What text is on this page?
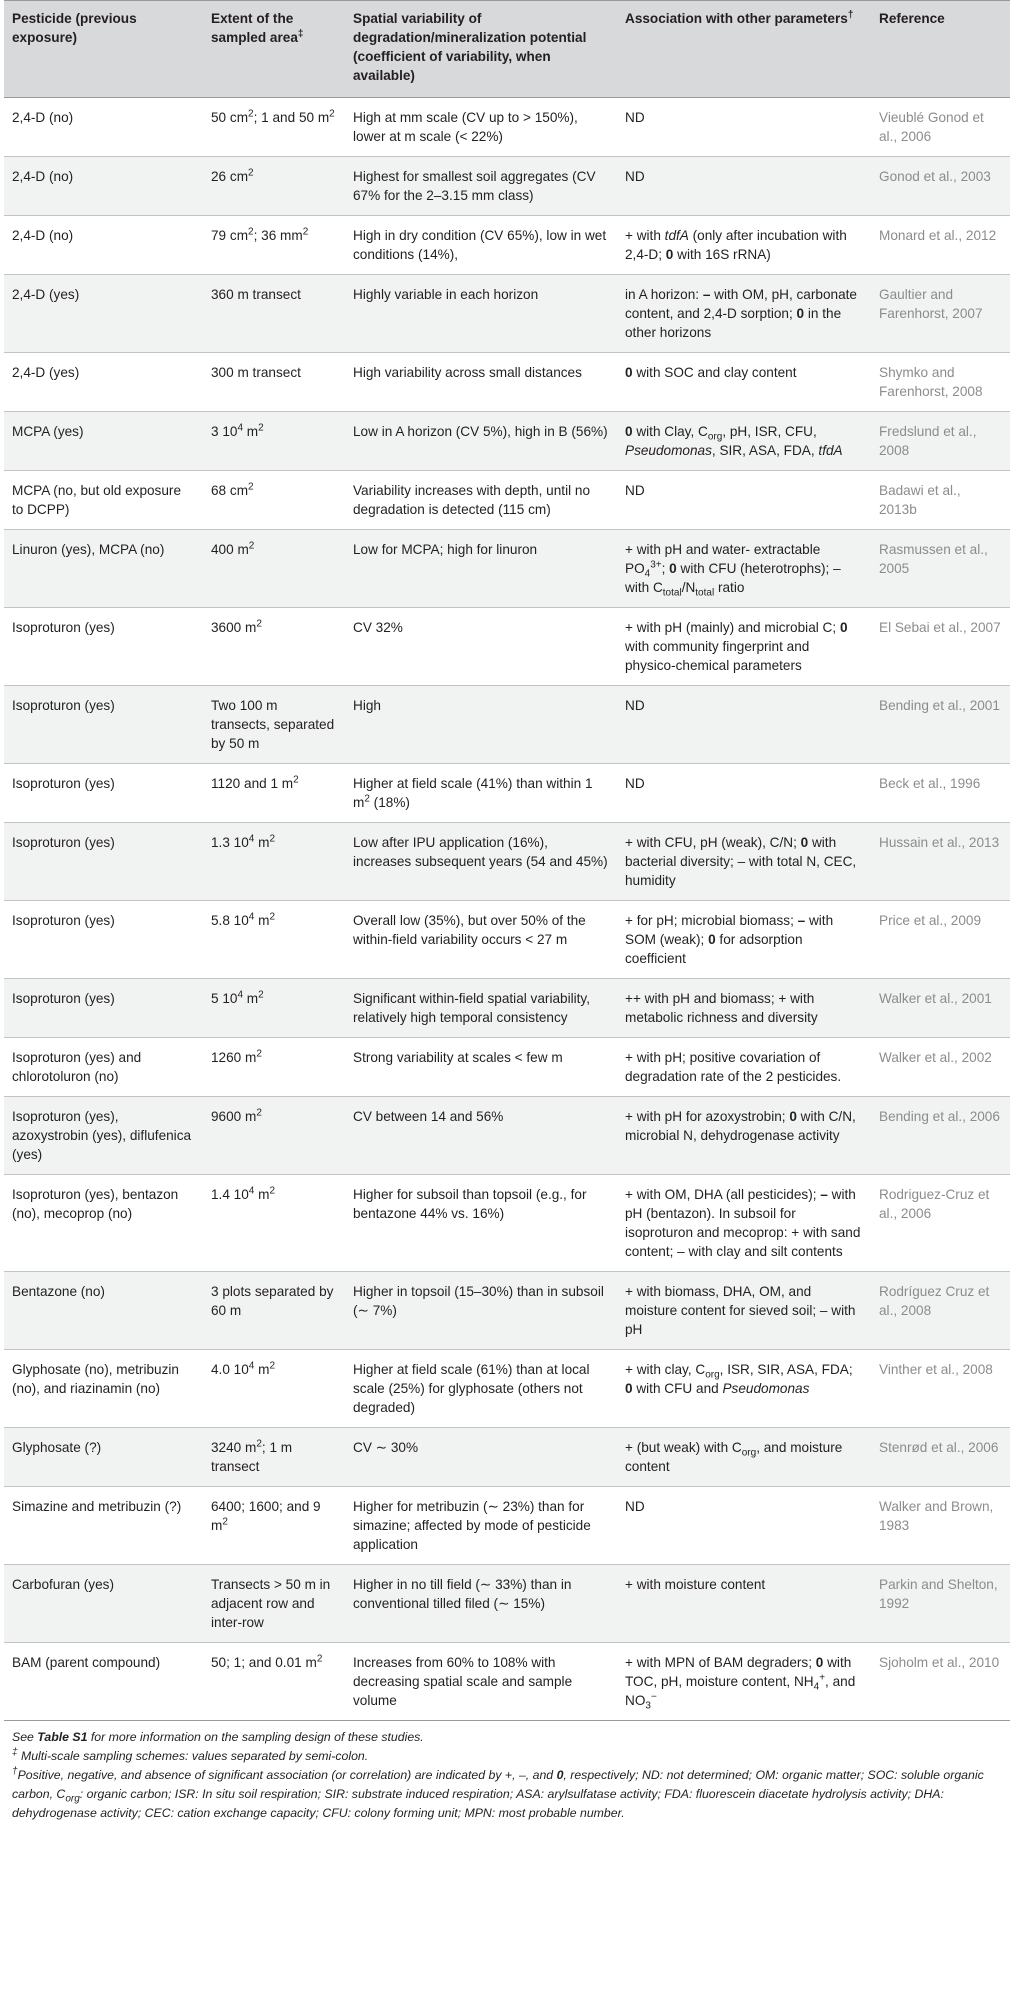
Pesticide (previous exposure)	Extent of the sampled area‡	Spatial variability of degradation/mineralization potential (coefficient of variability, when available)	Association with other parameters†	Reference
2,4-D (no)	50 $cm^2$; 1 and 50 $m^2$	High at mm scale (CV up to > 150%), lower at m scale (< 22%)	ND	Vieublé Gonod et al., 2006
2,4-D (no)	26 $cm^2$	Highest for smallest soil aggregates (CV 67% for the 2–3.15 mm class)	ND	Gonod et al., 2003
2,4-D (no)	79 $cm^2$; 36 $mm^2$	High in dry condition (CV 65%), low in wet conditions (14%),	+ with tdfA (only after incubation with 2,4-D; 0 with 16S rRNA)	Monard et al., 2012
2,4-D (yes)	360 m transect	Highly variable in each horizon	in A horizon: – with OM, pH, carbonate content, and 2,4-D sorption; 0 in the other horizons	Gaultier and Farenhorst, 2007
2,4-D (yes)	300 m transect	High variability across small distances	0 with SOC and clay content	Shymko and Farenhorst, 2008
MCPA (yes)	3 $10^4$ $m^2$	Low in A horizon (CV 5%), high in B (56%)	0 with Clay, $C_{org}$, pH, ISR, CFU, Pseudomonas, SIR, ASA, FDA, tfdA	Fredslund et al., 2008
MCPA (no, but old exposure to DCPP)	68 $cm^2$	Variability increases with depth, until no degradation is detected (115 cm)	ND	Badawi et al., 2013b
Linuron (yes), MCPA (no)	400 $m^2$	Low for MCPA; high for linuron	+ with pH and water- extractable $PO_4^{3+}$; 0 with CFU (heterotrophs); – with $C_{total}/N_{total}$ ratio	Rasmussen et al., 2005
Isoproturon (yes)	3600 $m^2$	CV 32%	+ with pH (mainly) and microbial C; 0 with community fingerprint and physico-chemical parameters	El Sebai et al., 2007
Isoproturon (yes)	Two 100 m transects, separated by 50 m	High	ND	Bending et al., 2001
Isoproturon (yes)	1120 and 1 $m^2$	Higher at field scale (41%) than within 1 $m^2$ (18%)	ND	Beck et al., 1996
Isoproturon (yes)	1.3 $10^4$ $m^2$	Low after IPU application (16%), increases subsequent years (54 and 45%)	+ with CFU, pH (weak), C/N; 0 with bacterial diversity; – with total N, CEC, humidity	Hussain et al., 2013
Isoproturon (yes)	5.8 $10^4$ $m^2$	Overall low (35%), but over 50% of the within-field variability occurs < 27 m	+ for pH; microbial biomass; – with SOM (weak); 0 for adsorption coefficient	Price et al., 2009
Isoproturon (yes)	5 $10^4$ $m^2$	Significant within-field spatial variability, relatively high temporal consistency	++ with pH and biomass; + with metabolic richness and diversity	Walker et al., 2001
Isoproturon (yes) and chlorotoluron (no)	1260 $m^2$	Strong variability at scales < few m	+ with pH; positive covariation of degradation rate of the 2 pesticides.	Walker et al., 2002
Isoproturon (yes), azoxystrobin (yes), diflufenica (yes)	9600 $m^2$	CV between 14 and 56%	+ with pH for azoxystrobin; 0 with C/N, microbial N, dehydrogenase activity	Bending et al., 2006
Isoproturon (yes), bentazon (no), mecoprop (no)	1.4 $10^4$ $m^2$	Higher for subsoil than topsoil (e.g., for bentazone 44% vs. 16%)	+ with OM, DHA (all pesticides); – with pH (bentazon). In subsoil for isoproturon and mecoprop: + with sand content; – with clay and silt contents	Rodriguez-Cruz et al., 2006
Bentazone (no)	3 plots separated by 60 m	Higher in topsoil (15–30%) than in subsoil (∼ 7%)	+ with biomass, DHA, OM, and moisture content for sieved soil; – with pH	Rodríguez Cruz et al., 2008
Glyphosate (no), metribuzin (no), and riazinamin (no)	4.0 $10^4$ $m^2$	Higher at field scale (61%) than at local scale (25%) for glyphosate (others not degraded)	+ with clay, $C_{org}$, ISR, SIR, ASA, FDA; 0 with CFU and Pseudomonas	Vinther et al., 2008
Glyphosate (?)	3240 $m^2$; 1 m transect	CV ∼ 30%	+ (but weak) with $C_{org}$, and moisture content	Stenrød et al., 2006
Simazine and metribuzin (?)	6400; 1600; and 9 $m^2$	Higher for metribuzin (∼ 23%) than for simazine; affected by mode of pesticide application	ND	Walker and Brown, 1983
Carbofuran (yes)	Transects > 50 m in adjacent row and inter-row	Higher in no till field (∼ 33%) than in conventional tilled filed (∼ 15%)	+ with moisture content	Parkin and Shelton, 1992
BAM (parent compound)	50; 1; and 0.01 $m^2$	Increases from 60% to 108% with decreasing spatial scale and sample volume	+ with MPN of BAM degraders; 0 with TOC, pH, moisture content, $NH_4^+$, and $NO_3^-$	Sjoholm et al., 2010

See Table S1 for more information on the sampling design of these studies.

‡ Multi-scale sampling schemes: values separated by semi-colon.

†Positive, negative, and absence of significant association (or correlation) are indicated by +, –, and 0, respectively; ND: not determined; OM: organic matter; SOC: soluble organic carbon, $C_{org}$: organic carbon; ISR: In situ soil respiration; SIR: substrate induced respiration; ASA: arylsulfatase activity; FDA: fluorescein diacetate hydrolysis activity; DHA: dehydrogenase activity; CEC: cation exchange capacity; CFU: colony forming unit; MPN: most probable number.
